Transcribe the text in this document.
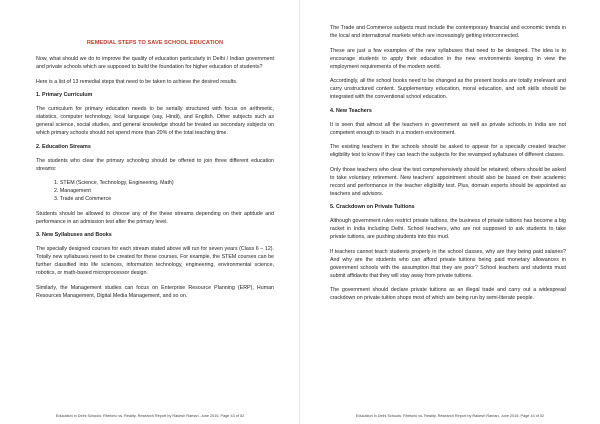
REMEDIAL STEPS TO SAVE SCHOOL EDUCATION

Now, what should we do to improve the quality of education particularly in Delhi / Indian government and private schools which are supposed to build the foundation for higher education of students?

Here is a list of 13 remedial steps that need to be taken to achieve the desired results.

1. Primary Curriculum

The curriculum for primary education needs to be serially structured with focus on arithmetic, statistics, computer technology, local language (say, Hindi), and English. Other subjects such as general science, social studies, and general knowledge should be treated as secondary subjects on which primary schools should not spend more than 20% of the total teaching time.

2. Education Streams

The students who clear the primary schooling should be offered to join three different education streams:

1. STEM (Science, Technology, Engineering, Math)
2. Management
3. Trade and Commerce

Students should be allowed to choose any of the these streams depending on their aptitude and performance in an admission test after the primary level.

3. New Syllabuses and Books

The specially designed courses for each stream stated above will run for seven years (Class 6 – 12). Totally new syllabuses need to be created for these courses. For example, the STEM courses can be further classified into life sciences, information technology, engineering, environmental science, robotics, or math-based microprocessor design.

Similarly, the Management studies can focus on Enterprise Resource Planning (ERP), Human Resources Management, Digital Media Management, and so on.

Education in Delhi Schools: Rhetoric vs. Reality. Research Report by Rakesh Raman. June 2016. Page 43 of 52

The Trade and Commerce subjects must include the contemporary financial and economic trends in the local and international markets which are increasingly getting interconnected.

These are just a few examples of the new syllabuses that need to be designed. The idea is to encourage students to apply their education in the new environments keeping in view the employment requirements of the modern world.

Accordingly, all the school books need to be changed as the present books are totally irrelevant and carry unstructured content. Supplementary education, moral education, and soft skills should be integrated with the conventional school education.

4. New Teachers

It is seen that almost all the teachers in government as well as private schools in India are not competent enough to teach in a modern environment.

The existing teachers in the schools should be asked to appear for a specially created teacher eligibility test to know if they can teach the subjects for the revamped syllabuses of different classes.

Only those teachers who clear the test comprehensively should be retained; others should be asked to take voluntary retirement. New teachers' appointment should also be based on their academic record and performance in the teacher eligibility test. Plus, domain experts should be appointed as teachers and advisors.

5. Crackdown on Private Tuitions

Although government rules restrict private tuitions, the business of private tuitions has become a big racket in India including Delhi. School teachers, who are not supposed to ask students to take private tuitions, are pushing students into this mud.

If teachers cannot teach students properly in the school classes, why are they being paid salaries? And why are the students who can afford private tuitions being paid monetary allowances in government schools with the assumption that they are poor? School teachers and students must submit affidavits that they will stay away from private tuitions.

The government should declare private tuitions as an illegal trade and carry out a widespread crackdown on private tuition shops most of which are being run by semi-literate people.

Education in Delhi Schools: Rhetoric vs. Reality. Research Report by Rakesh Raman. June 2016. Page 44 of 52
